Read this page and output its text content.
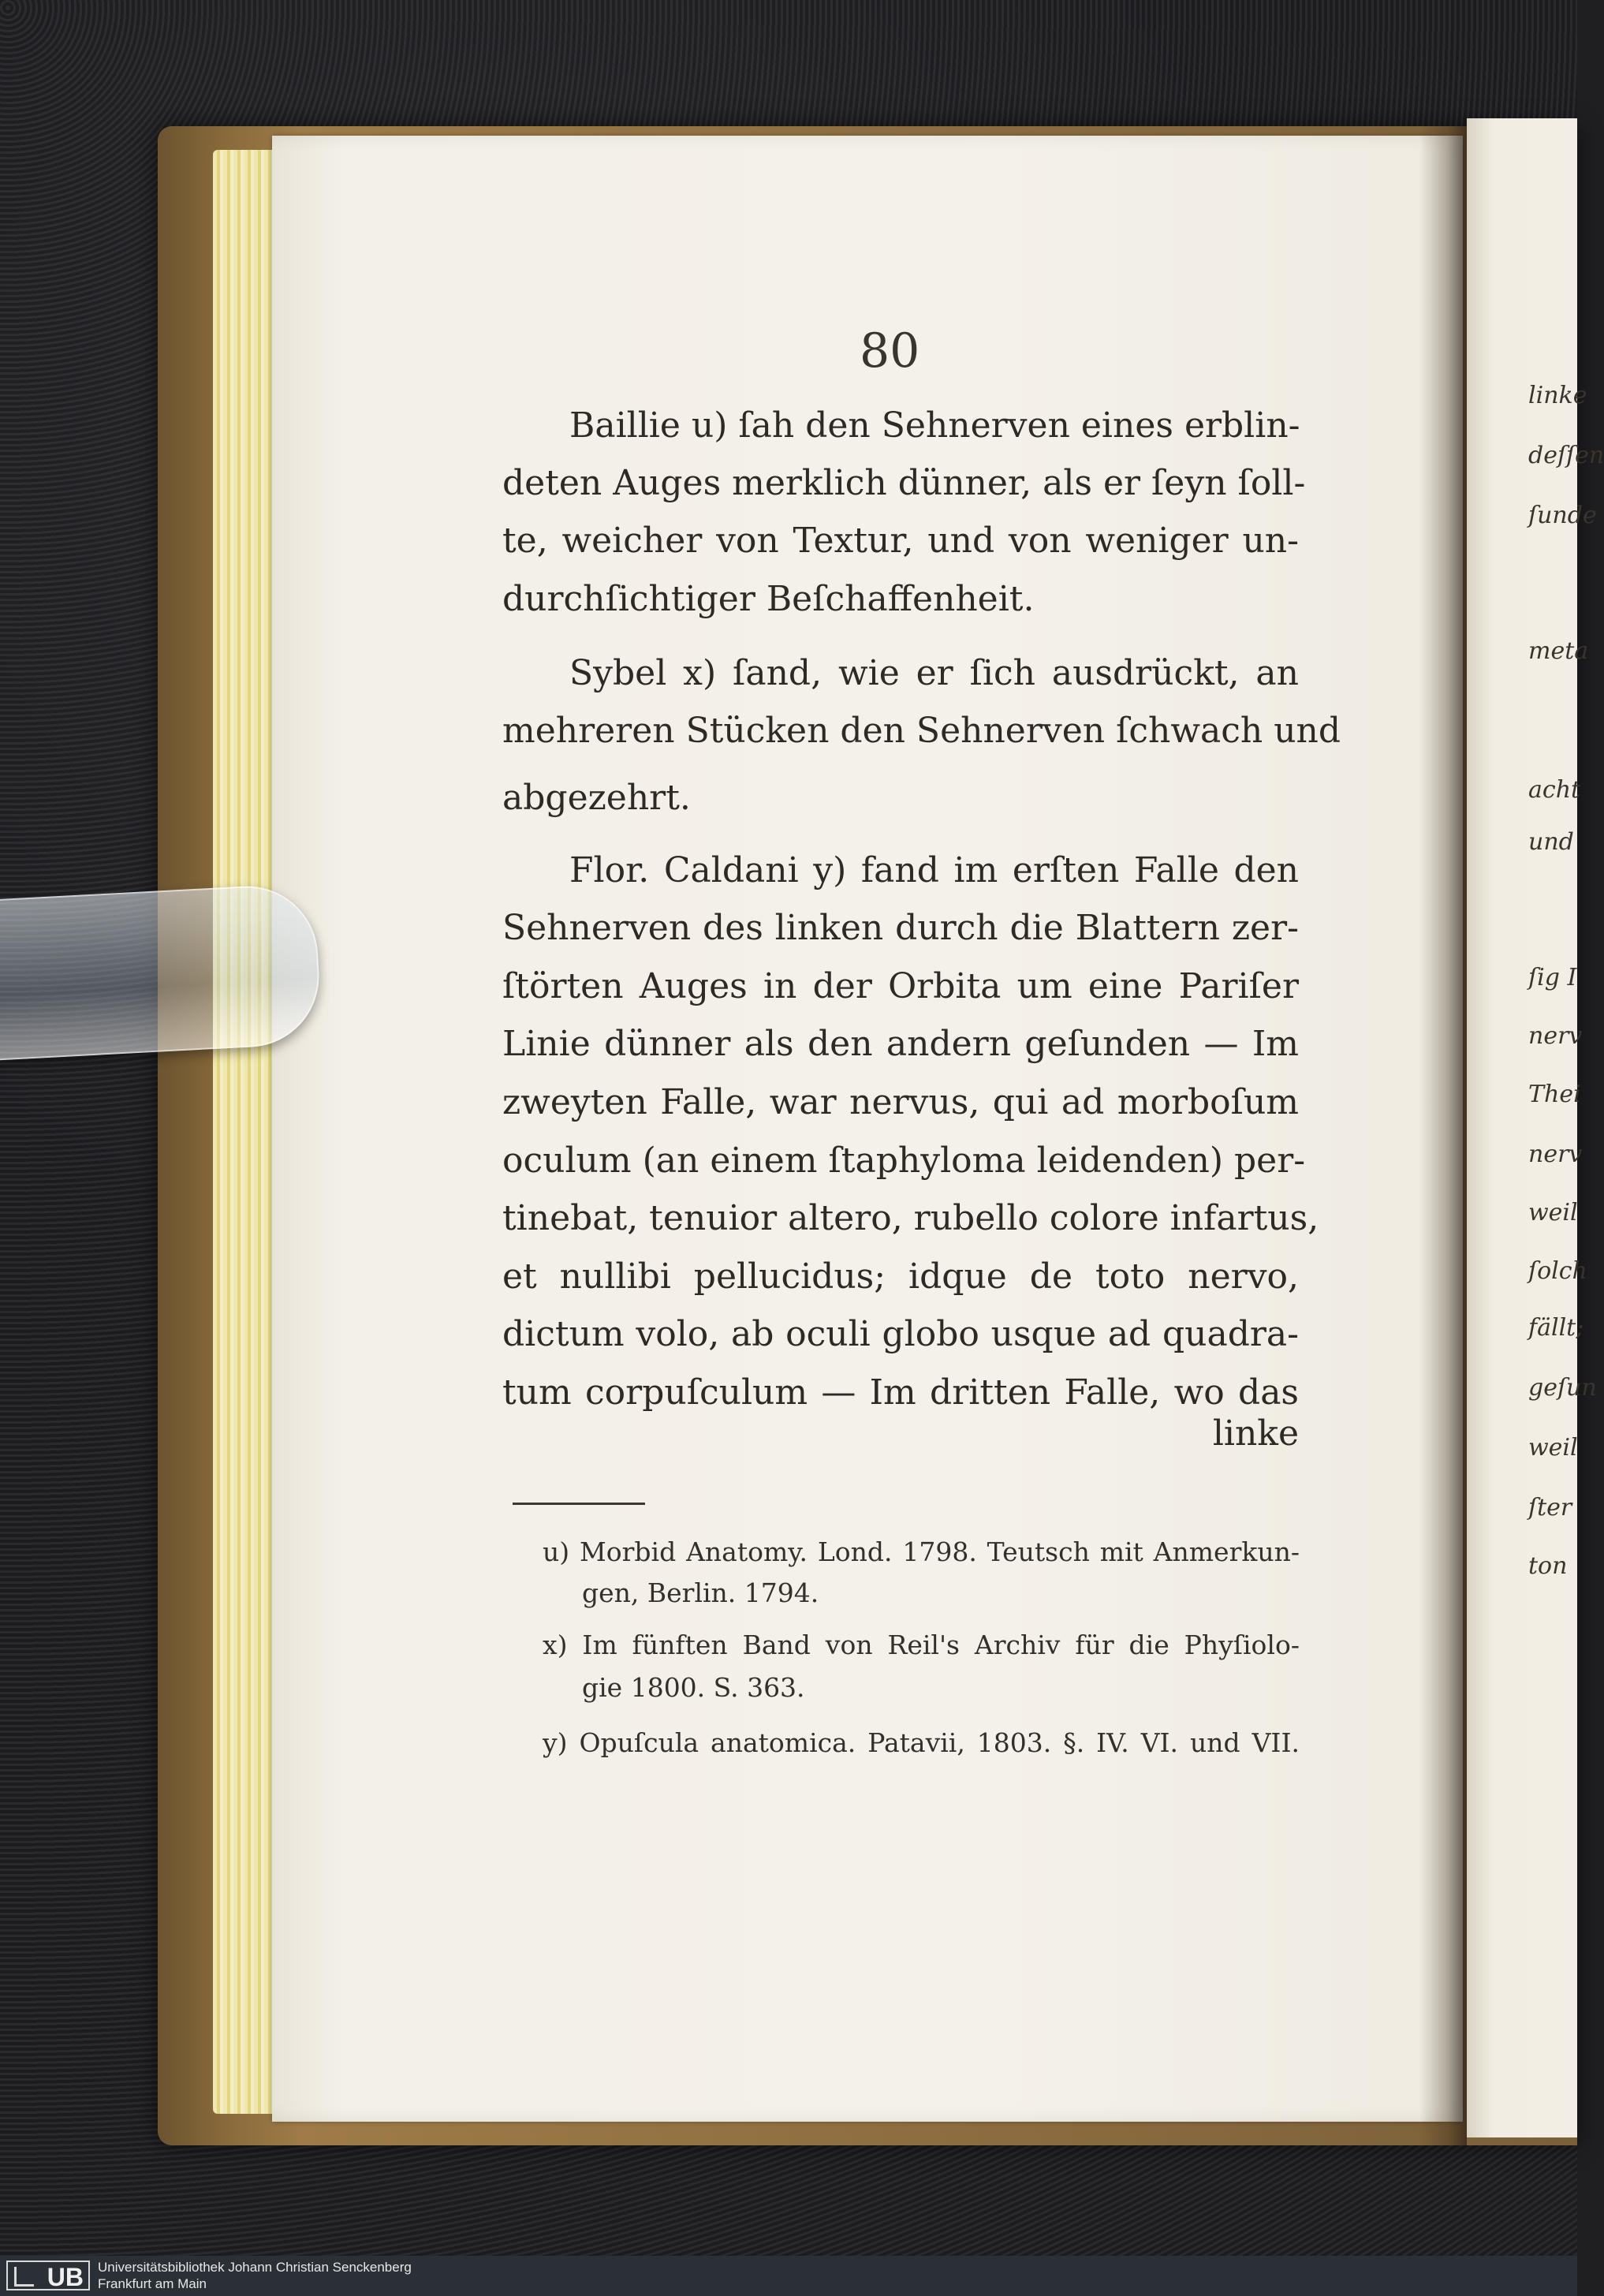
80
Baillie u) ſah den Sehnerven eines erblin-
deten Auges merklich dünner, als er ſeyn ſoll-
te, weicher von Textur, und von weniger un-
durchſichtiger Beſchaffenheit.
Sybel x) ſand, wie er ſich ausdrückt, an
mehreren Stücken den Sehnerven ſchwach und
abgezehrt.
Flor. Caldani y) fand im erſten Falle den
Sehnerven des linken durch die Blattern zer-
ſtörten Auges in der Orbita um eine Pariſer
Linie dünner als den andern geſunden — Im
zweyten Falle, war nervus, qui ad morboſum
oculum (an einem ſtaphyloma leidenden) per-
tinebat, tenuior altero, rubello colore infartus,
et nullibi pellucidus; idque de toto nervo,
dictum volo, ab oculi globo usque ad quadra-
tum corpuſculum — Im dritten Falle, wo das
linke
u) Morbid Anatomy. Lond. 1798. Teutsch mit Anmerkun-
gen, Berlin. 1794.
x) Im fünften Band von Reil's Archiv für die Phyſiolo-
gie 1800. S. 363.
y) Opuſcula anatomica. Patavii, 1803. §. IV. VI. und VII.
linke
deſſen
ſunde
meta
acht
und
ſig I
nerv
Thei
nerv
weil
ſolch
fällt;
geſun
weil
ſter
ton
UB	Universitätsbibliothek Johann Christian Senckenberg
Frankfurt am Main
